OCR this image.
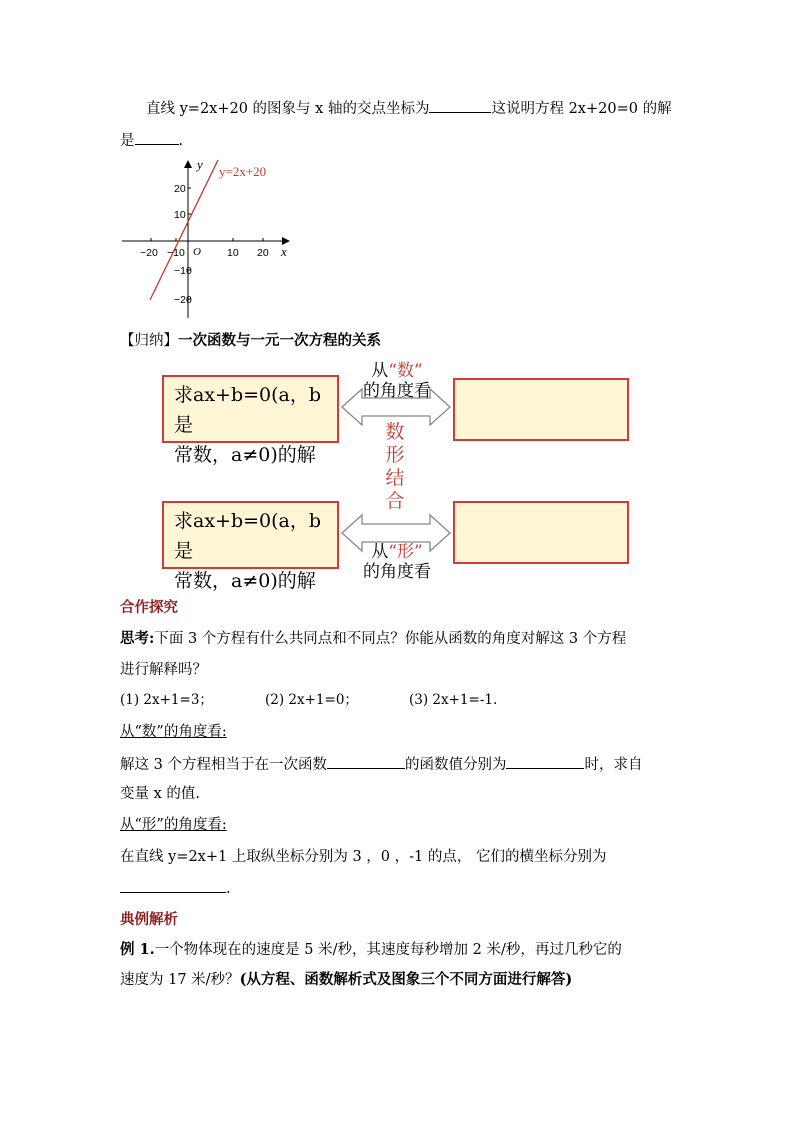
直线 y=2x+20 的图象与 x 轴的交点坐标为	这说明方程 2x+20=0 的解
是	.
y
x
O
y=2x+20
−20 −10	10 20
20
10
−10
−20
【归纳】一次函数与一元一次方程的关系
求ax+b=0(a，b是
常数，a≠0)的解
求ax+b=0(a，b是
常数，a≠0)的解
从“数”
的角度看
从“形”
的角度看
数
形
结
合
合作探究
思考:下面 3 个方程有什么共同点和不同点？你能从函数的角度对解这 3 个方程
进行解释吗？
(1) 2x+1=3；	(2) 2x+1=0；	(3) 2x+1=-1.
从“数”的角度看:
解这 3 个方程相当于在一次函数	的函数值分别为	时，求自
变量 x 的值.
从“形”的角度看:
在直线 y=2x+1 上取纵坐标分别为 3 ，0 ，-1 的点， 它们的横坐标分别为
.
典例解析
例 1.一个物体现在的速度是 5 米/秒，其速度每秒增加 2 米/秒，再过几秒它的
速度为 17 米/秒？(从方程、函数解析式及图象三个不同方面进行解答)
